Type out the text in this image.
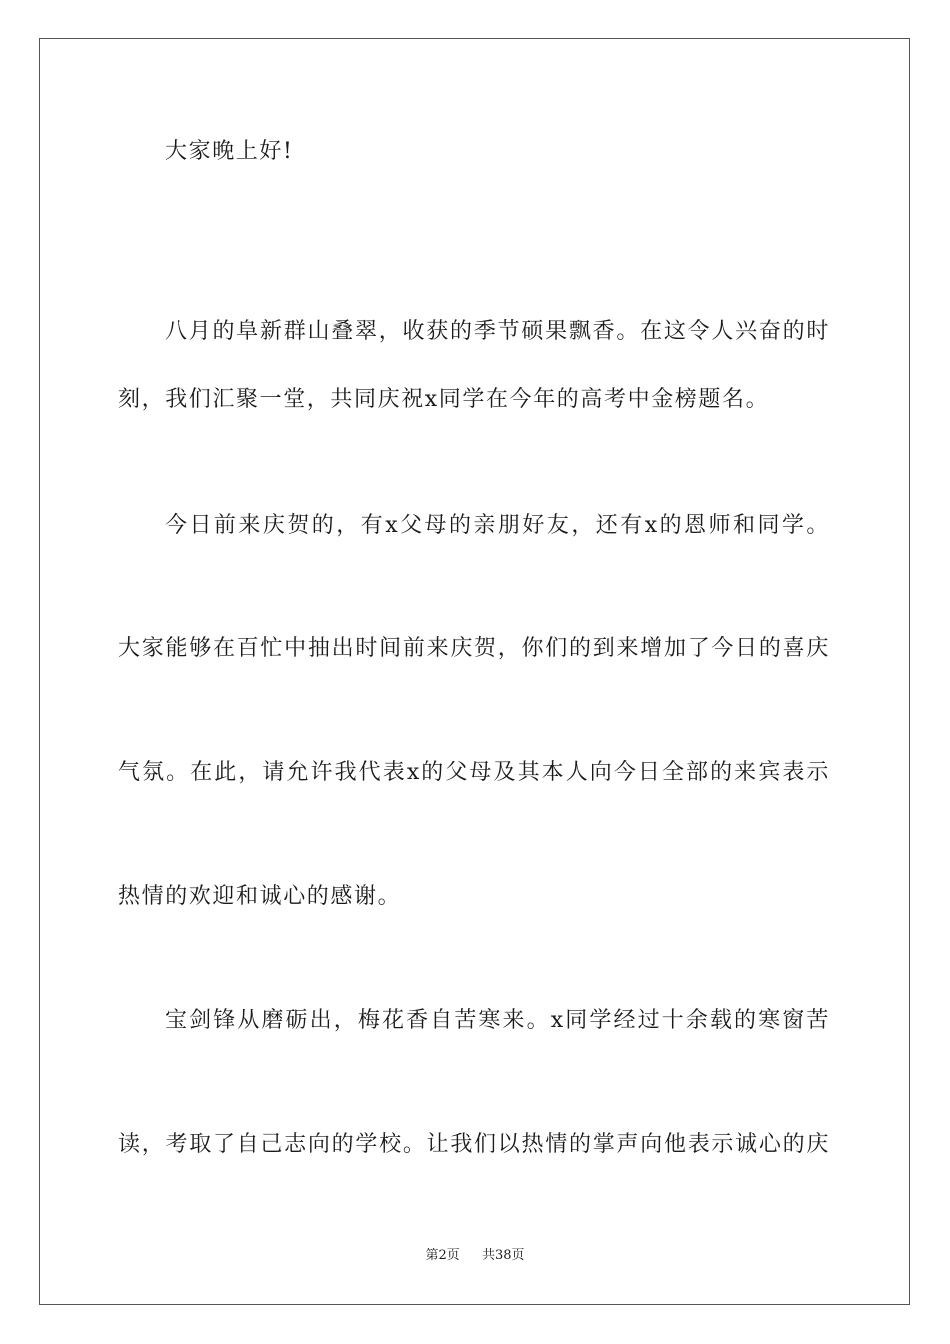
大家晚上好!
八月的阜新群山叠翠，收获的季节硕果飘香。在这令人兴奋的时
刻，我们汇聚一堂，共同庆祝x同学在今年的高考中金榜题名。
今日前来庆贺的，有x父母的亲朋好友，还有x的恩师和同学。
大家能够在百忙中抽出时间前来庆贺，你们的到来增加了今日的喜庆
气氛。在此，请允许我代表x的父母及其本人向今日全部的来宾表示
热情的欢迎和诚心的感谢。
宝剑锋从磨砺出，梅花香自苦寒来。x同学经过十余载的寒窗苦
读，考取了自己志向的学校。让我们以热情的掌声向他表示诚心的庆
第2页 共38页
